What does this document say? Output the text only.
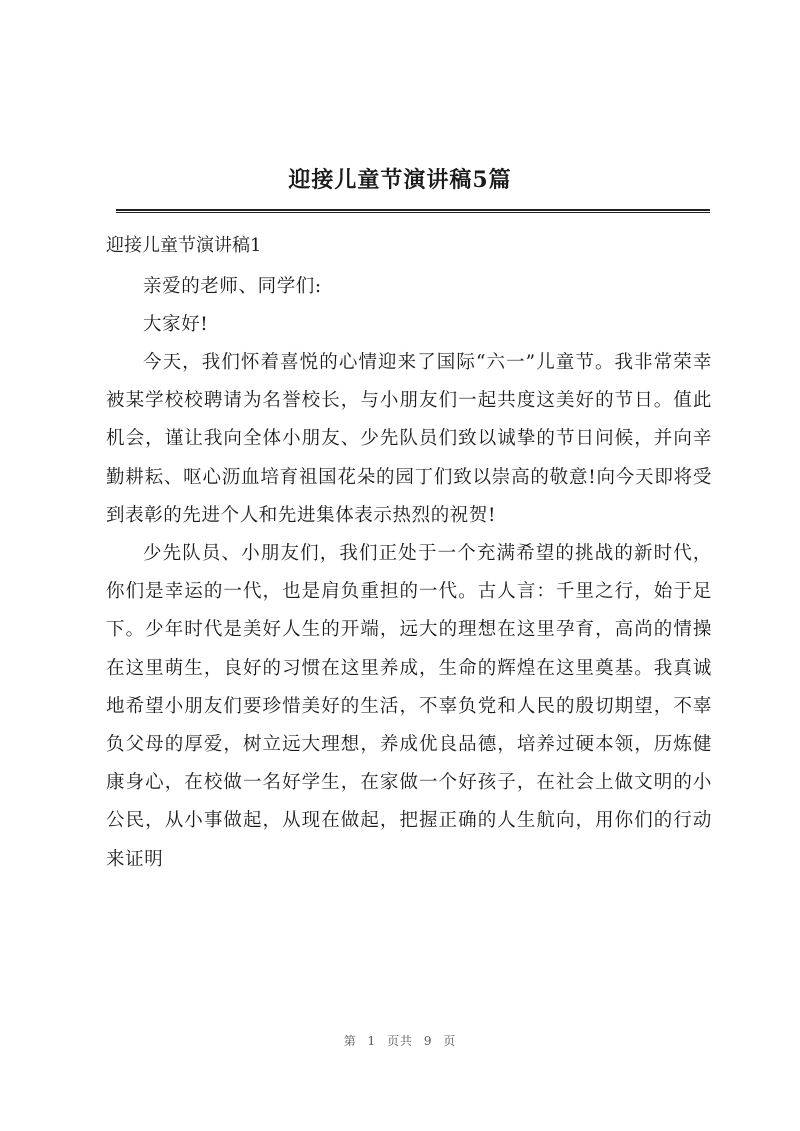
迎接儿童节演讲稿5篇

迎接儿童节演讲稿1

亲爱的老师、同学们:

大家好!

今天，我们怀着喜悦的心情迎来了国际“六一”儿童节。我非常荣幸被某学校校聘请为名誉校长，与小朋友们一起共度这美好的节日。值此机会，谨让我向全体小朋友、少先队员们致以诚挚的节日问候，并向辛勤耕耘、呕心沥血培育祖国花朵的园丁们致以崇高的敬意!向今天即将受到表彰的先进个人和先进集体表示热烈的祝贺!

少先队员、小朋友们，我们正处于一个充满希望的挑战的新时代，你们是幸运的一代，也是肩负重担的一代。古人言：千里之行，始于足下。少年时代是美好人生的开端，远大的理想在这里孕育，高尚的情操在这里萌生，良好的习惯在这里养成，生命的辉煌在这里奠基。我真诚地希望小朋友们要珍惜美好的生活，不辜负党和人民的殷切期望，不辜负父母的厚爱，树立远大理想，养成优良品德，培养过硬本领，历炼健康身心，在校做一名好学生，在家做一个好孩子，在社会上做文明的小公民，从小事做起，从现在做起，把握正确的人生航向，用你们的行动来证明

第 1 页共 9 页
